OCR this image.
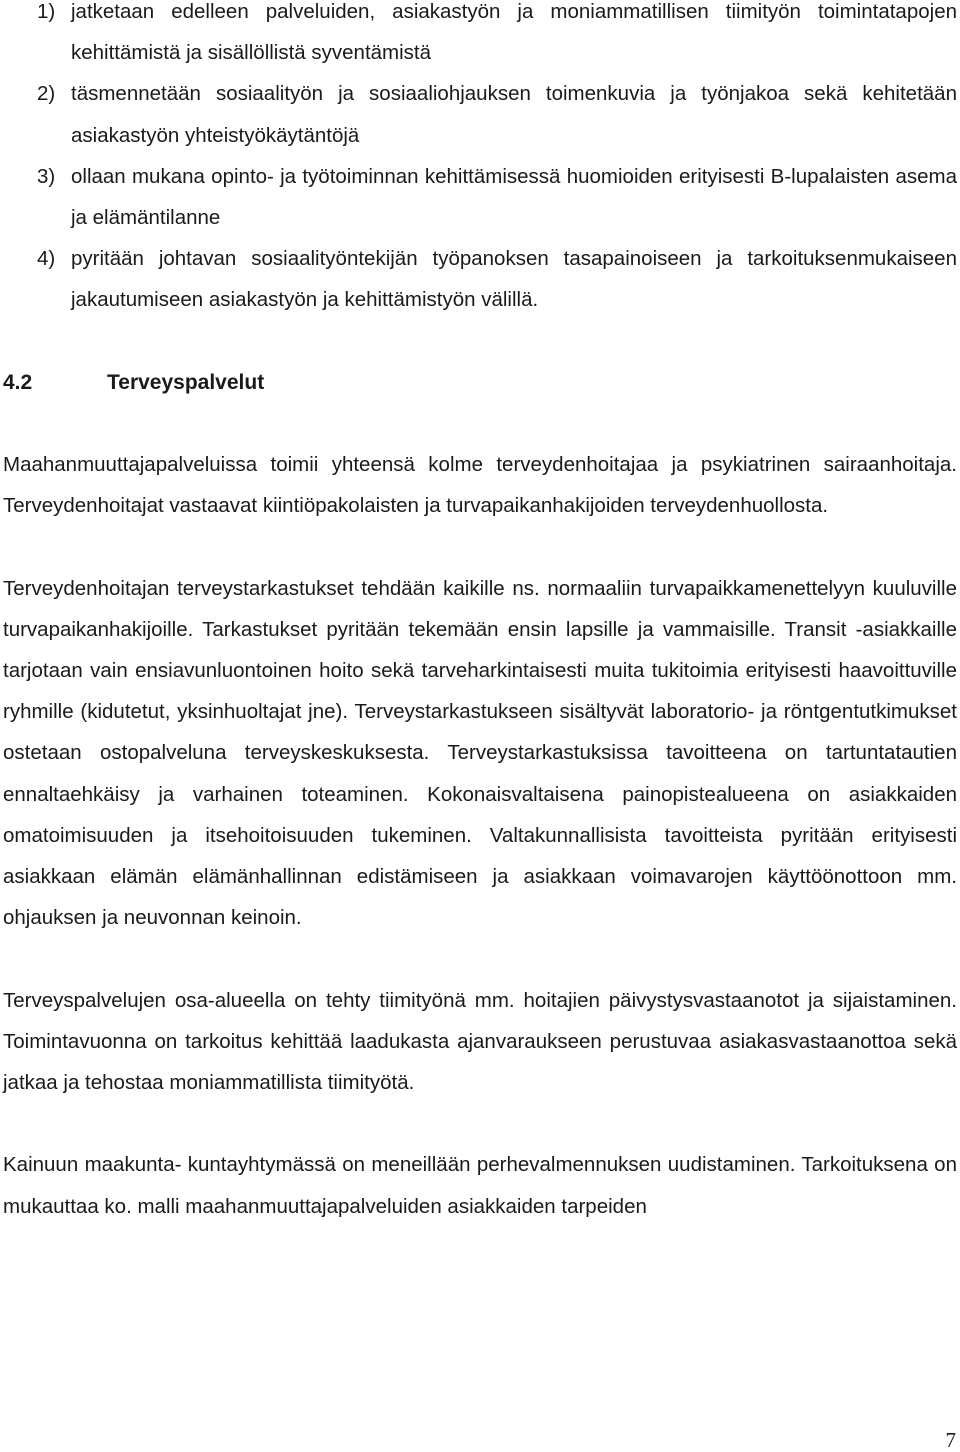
1) jatketaan edelleen palveluiden, asiakastyön ja moniammatillisen tiimityön toimintatapojen kehittämistä ja sisällöllistä syventämistä
2) täsmennetään sosiaalityön ja sosiaaliohjauksen toimenkuvia ja työnjakoa sekä kehitetään asiakastyön yhteistyökäytäntöjä
3) ollaan mukana opinto- ja työtoiminnan kehittämisessä huomioiden erityisesti B-lupalaisten asema ja elämäntilanne
4) pyritään johtavan sosiaalityöntekijän työpanoksen tasapainoiseen ja tarkoituksenmukaiseen jakautumiseen asiakastyön ja kehittämistyön välillä.
4.2	Terveyspalvelut

Maahanmuuttajapalveluissa toimii yhteensä kolme terveydenhoitajaa ja psykiatrinen sairaanhoitaja. Terveydenhoitajat vastaavat kiintiöpakolaisten ja turvapaikanhakijoiden terveydenhuollosta.

Terveydenhoitajan terveystarkastukset tehdään kaikille ns. normaaliin turvapaikkamenettelyyn kuuluville turvapaikanhakijoille. Tarkastukset pyritään tekemään ensin lapsille ja vammaisille. Transit -asiakkaille tarjotaan vain ensiavunluontoinen hoito sekä tarveharkintaisesti muita tukitoimia erityisesti haavoittuville ryhmille (kidutetut, yksinhuoltajat jne). Terveystarkastukseen sisältyvät laboratorio- ja röntgentutkimukset ostetaan ostopalveluna terveyskeskuksesta. Terveystarkastuksissa tavoitteena on tartuntatautien ennaltaehkäisy ja varhainen toteaminen. Kokonaisvaltaisena painopistealueena on asiakkaiden omatoimisuuden ja itsehoitoisuuden tukeminen. Valtakunnallisista tavoitteista pyritään erityisesti asiakkaan elämän elämänhallinnan edistämiseen ja asiakkaan voimavarojen käyttöönottoon mm. ohjauksen ja neuvonnan keinoin.

Terveyspalvelujen osa-alueella on tehty tiimityönä mm. hoitajien päivystysvastaanotot ja sijaistaminen. Toimintavuonna on tarkoitus kehittää laadukasta ajanvaraukseen perustuvaa asiakasvastaanottoa sekä jatkaa ja tehostaa moniammatillista tiimityötä.

Kainuun maakunta- kuntayhtymässä on meneillään perhevalmennuksen uudistaminen. Tarkoituksena on mukauttaa ko. malli maahanmuuttajapalveluiden asiakkaiden tarpeiden

7
